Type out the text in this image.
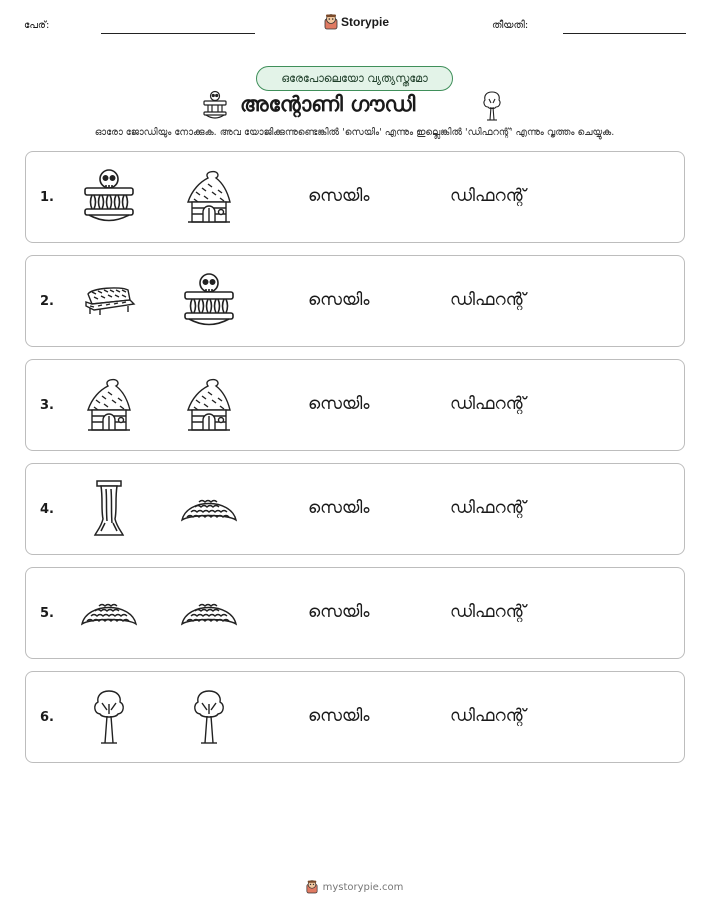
പേര്:	Storypie	തീയതി:
ഒരേപോലെയോ വ്യത്യസ്തമോ
അന്റോണി ഗൗഡി
ഓരോ ജോഡിയും നോക്കുക. അവ യോജിക്കുന്നുണ്ടെങ്കിൽ 'സെയിം' എന്നും ഇല്ലെങ്കിൽ 'ഡിഫറന്റ്' എന്നും വൃത്തം ചെയ്യുക.
1.	സെയിം	ഡിഫറന്റ്
2.	സെയിം	ഡിഫറന്റ്
3.	സെയിം	ഡിഫറന്റ്
4.	സെയിം	ഡിഫറന്റ്
5.	സെയിം	ഡിഫറന്റ്
6.	സെയിം	ഡിഫറന്റ്
mystorypie.com
